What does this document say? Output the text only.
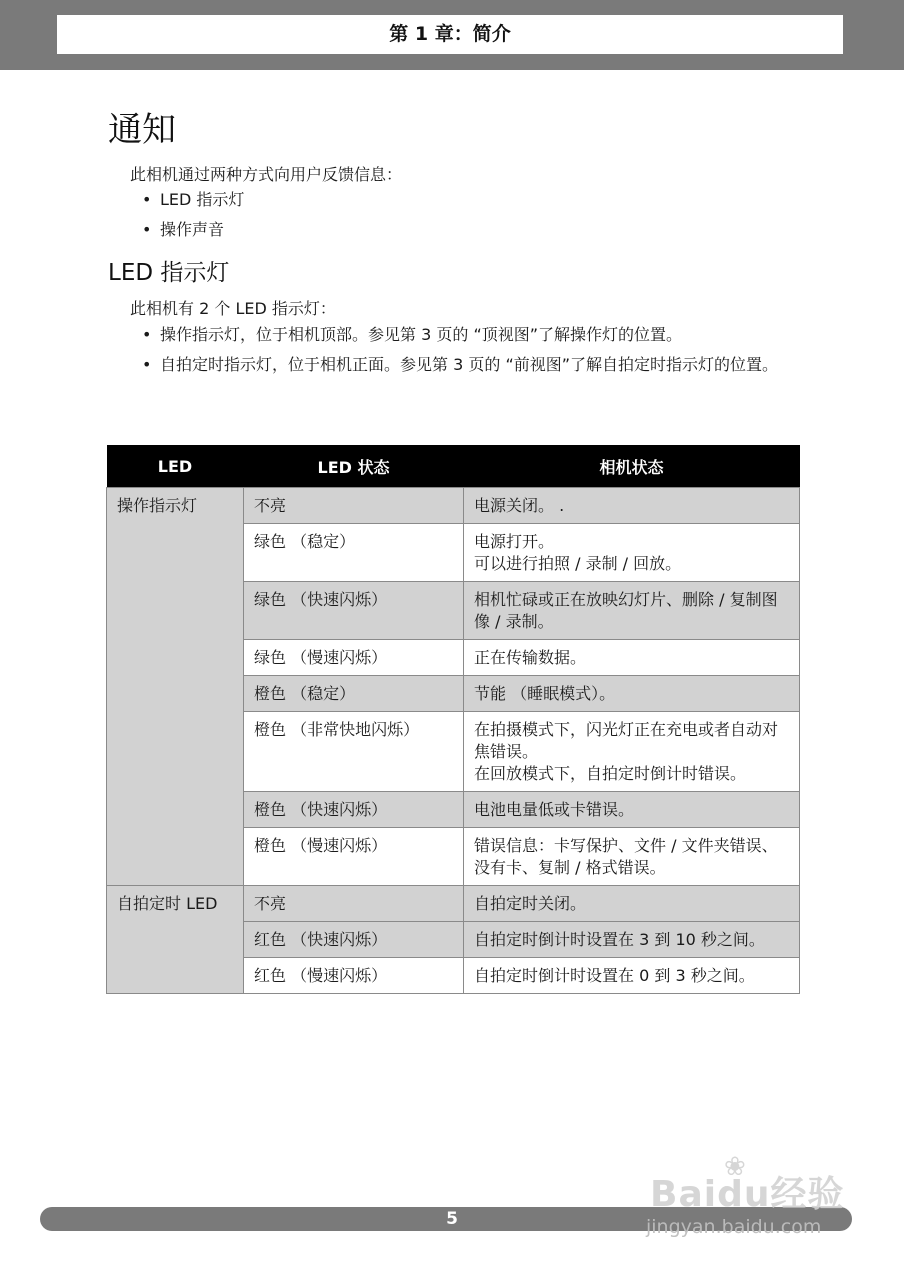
第 1 章：简介
通知
此相机通过两种方式向用户反馈信息：
• LED 指示灯
• 操作声音
LED 指示灯
此相机有 2 个 LED 指示灯：
• 操作指示灯，位于相机顶部。参见第 3 页的 “顶视图”了解操作灯的位置。
• 自拍定时指示灯，位于相机正面。参见第 3 页的 “前视图”了解自拍定时指示灯的位置。
LED	LED 状态	相机状态
操作指示灯	不亮	电源关闭。 .

	绿色 （稳定）	电源打开。
可以进行拍照 / 录制 / 回放。

	绿色 （快速闪烁）	相机忙碌或正在放映幻灯片、删除 / 复制图像 / 录制。

	绿色 （慢速闪烁）	正在传输数据。

	橙色 （稳定）	节能 （睡眠模式）。

	橙色 （非常快地闪烁）	在拍摄模式下，闪光灯正在充电或者自动对焦错误。
在回放模式下，自拍定时倒计时错误。

	橙色 （快速闪烁）	电池电量低或卡错误。

	橙色 （慢速闪烁）	错误信息：卡写保护、文件 / 文件夹错误、没有卡、复制 / 格式错误。

自拍定时 LED	不亮	自拍定时关闭。

	红色 （快速闪烁）	自拍定时倒计时设置在 3 到 10 秒之间。

	红色 （慢速闪烁）	自拍定时倒计时设置在 0 到 3 秒之间。
5
❀
Baidu经验
jingyan.baidu.com
